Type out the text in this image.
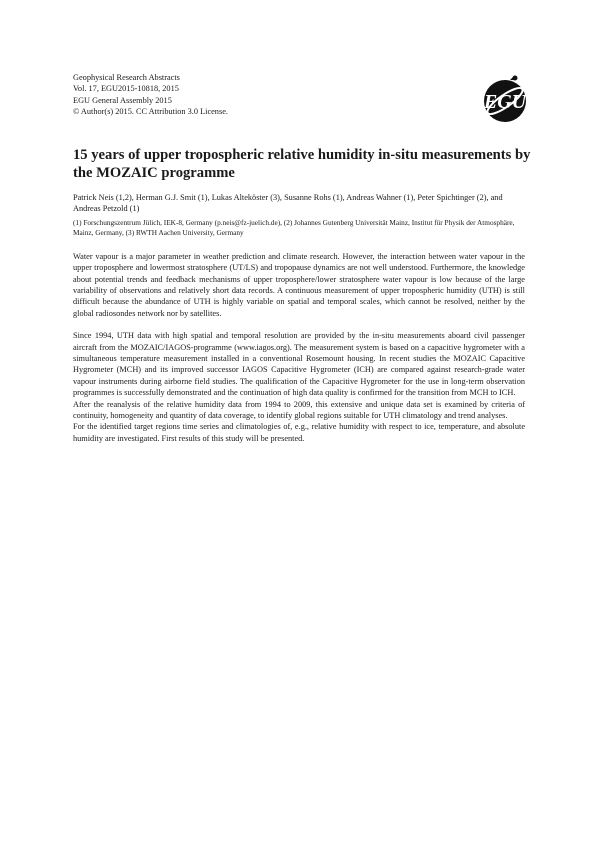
Geophysical Research Abstracts
Vol. 17, EGU2015-10818, 2015
EGU General Assembly 2015
© Author(s) 2015. CC Attribution 3.0 License.	EGU
15 years of upper tropospheric relative humidity in-situ measurements by the MOZAIC programme
Patrick Neis (1,2), Herman G.J. Smit (1), Lukas Alteköster (3), Susanne Rohs (1), Andreas Wahner (1), Peter Spichtinger (2), and Andreas Petzold (1)
(1) Forschungszentrum Jülich, IEK-8, Germany (p.neis@fz-juelich.de), (2) Johannes Gutenberg Universität Mainz, Institut für Physik der Atmosphäre, Mainz, Germany, (3) RWTH Aachen University, Germany

Water vapour is a major parameter in weather prediction and climate research. However, the interaction between water vapour in the upper troposphere and lowermost stratosphere (UT/LS) and tropopause dynamics are not well understood. Furthermore, the knowledge about potential trends and feedback mechanisms of upper troposphere/lower stratosphere water vapour is low because of the large variability of observations and relatively short data records. A continuous measurement of upper tropospheric humidity (UTH) is still difficult because the abundance of UTH is highly variable on spatial and temporal scales, which cannot be resolved, neither by the global radiosondes network nor by satellites.

Since 1994, UTH data with high spatial and temporal resolution are provided by the in-situ measurements aboard civil passenger aircraft from the MOZAIC/IAGOS-programme (www.iagos.org). The measurement system is based on a capacitive hygrometer with a simultaneous temperature measurement installed in a conventional Rosemount housing. In recent studies the MOZAIC Capacitive Hygrometer (MCH) and its improved successor IAGOS Capacitive Hygrometer (ICH) are compared against research-grade water vapour instruments during airborne field studies. The qualification of the Capacitive Hygrometer for the use in long-term observation programmes is successfully demonstrated and the continuation of high data quality is confirmed for the transition from MCH to ICH.

After the reanalysis of the relative humidity data from 1994 to 2009, this extensive and unique data set is examined by criteria of continuity, homogeneity and quantity of data coverage, to identify global regions suitable for UTH climatology and trend analyses.

For the identified target regions time series and climatologies of, e.g., relative humidity with respect to ice, temperature, and absolute humidity are investigated. First results of this study will be presented.
